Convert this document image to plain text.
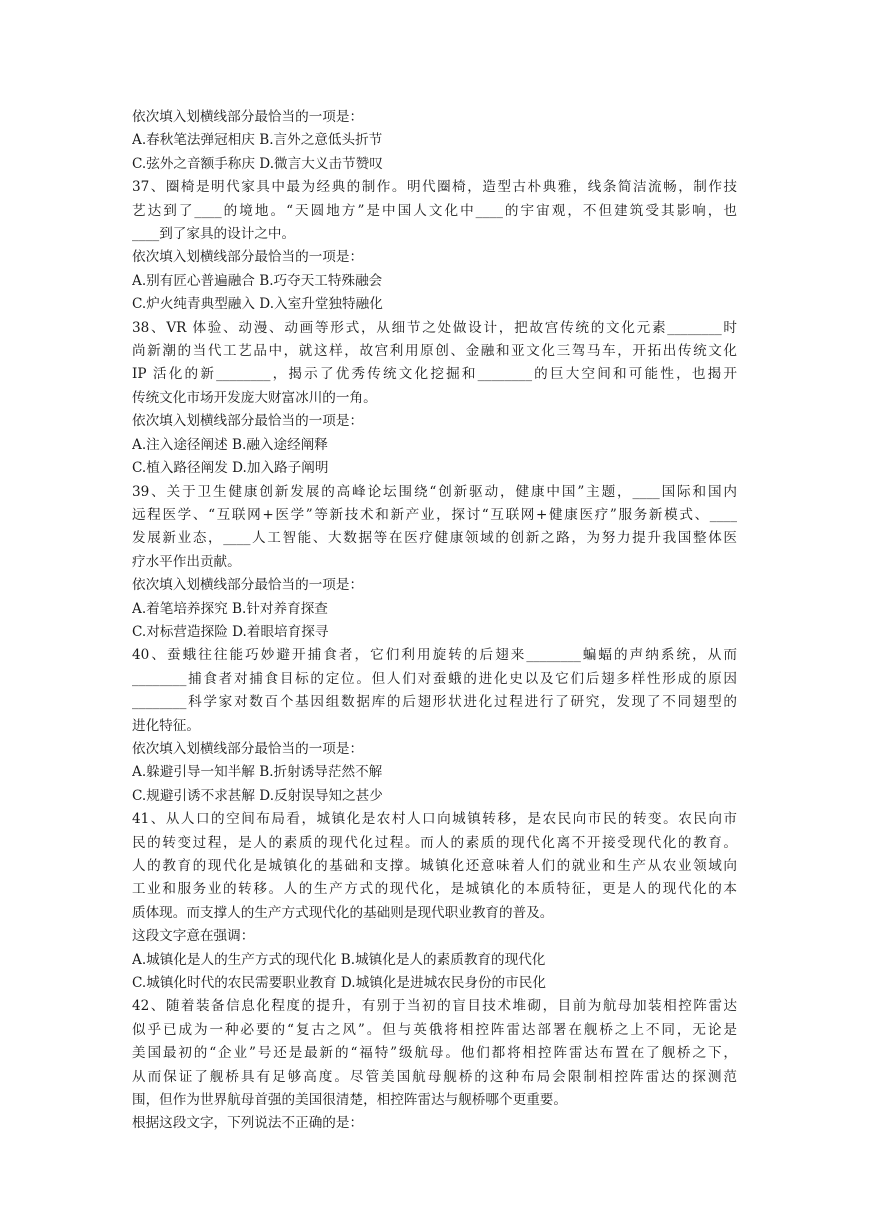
依次填入划横线部分最恰当的一项是：
A.春秋笔法弹冠相庆 B.言外之意低头折节
C.弦外之音额手称庆 D.微言大义击节赞叹
37、圈椅是明代家具中最为经典的制作。明代圈椅，造型古朴典雅，线条简洁流畅，制作技
艺达到了____的境地。“天圆地方”是中国人文化中____的宇宙观，不但建筑受其影响，也
____到了家具的设计之中。
依次填入划横线部分最恰当的一项是：
A.别有匠心普遍融合 B.巧夺天工特殊融会
C.炉火纯青典型融入 D.入室升堂独特融化
38、VR 体验、动漫、动画等形式，从细节之处做设计，把故宫传统的文化元素________时
尚新潮的当代工艺品中，就这样，故宫利用原创、金融和亚文化三驾马车，开拓出传统文化
IP 活化的新________，揭示了优秀传统文化挖掘和________的巨大空间和可能性，也揭开
传统文化市场开发庞大财富冰川的一角。
依次填入划横线部分最恰当的一项是：
A.注入途径阐述 B.融入途经阐释
C.植入路径阐发 D.加入路子阐明
39、关于卫生健康创新发展的高峰论坛围绕“创新驱动，健康中国”主题，____国际和国内
远程医学、“互联网+医学”等新技术和新产业，探讨“互联网+健康医疗”服务新模式、____
发展新业态，____人工智能、大数据等在医疗健康领域的创新之路，为努力提升我国整体医
疗水平作出贡献。
依次填入划横线部分最恰当的一项是：
A.着笔培养探究 B.针对养育探查
C.对标营造探险 D.着眼培育探寻
40、蚕蛾往往能巧妙避开捕食者，它们利用旋转的后翅来________蝙蝠的声纳系统，从而
________捕食者对捕食目标的定位。但人们对蚕蛾的进化史以及它们后翅多样性形成的原因
________科学家对数百个基因组数据库的后翅形状进化过程进行了研究，发现了不同翅型的
进化特征。
依次填入划横线部分最恰当的一项是：
A.躲避引导一知半解 B.折射诱导茫然不解
C.规避引诱不求甚解 D.反射误导知之甚少
41、从人口的空间布局看，城镇化是农村人口向城镇转移，是农民向市民的转变。农民向市
民的转变过程，是人的素质的现代化过程。而人的素质的现代化离不开接受现代化的教育。
人的教育的现代化是城镇化的基础和支撑。城镇化还意味着人们的就业和生产从农业领域向
工业和服务业的转移。人的生产方式的现代化，是城镇化的本质特征，更是人的现代化的本
质体现。而支撑人的生产方式现代化的基础则是现代职业教育的普及。
这段文字意在强调：
A.城镇化是人的生产方式的现代化 B.城镇化是人的素质教育的现代化
C.城镇化时代的农民需要职业教育 D.城镇化是进城农民身份的市民化
42、随着装备信息化程度的提升，有别于当初的盲目技术堆砌，目前为航母加装相控阵雷达
似乎已成为一种必要的“复古之风”。但与英俄将相控阵雷达部署在舰桥之上不同，无论是
美国最初的“企业”号还是最新的“福特”级航母。他们都将相控阵雷达布置在了舰桥之下，
从而保证了舰桥具有足够高度。尽管美国航母舰桥的这种布局会限制相控阵雷达的探测范
围，但作为世界航母首强的美国很清楚，相控阵雷达与舰桥哪个更重要。
根据这段文字，下列说法不正确的是：
